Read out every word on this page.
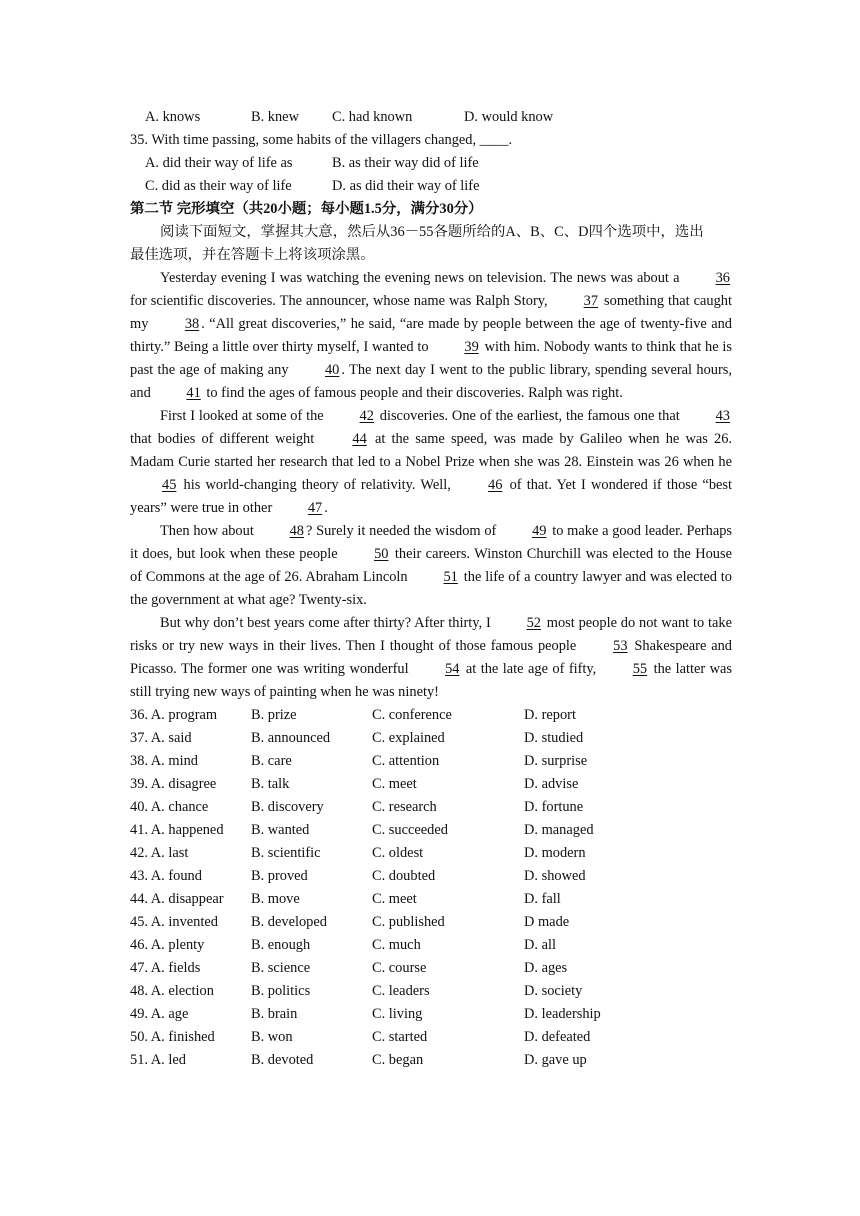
A. knows	B. knew C. had known	D. would know
35. With time passing, some habits of the villagers changed, ____.
A. did their way of life as	B. as their way did of life
C. did as their way of life	D. as did their way of life
第二节 完形填空（共20小题；每小题1.5分，满分30分）
阅读下面短文，掌握其大意，然后从36－55各题所给的A、B、C、D四个选项中，选出
最佳选项，并在答题卡上将该项涂黑。
Yesterday evening I was watching the evening news on television. The news was about a 36 for scientific discoveries. The announcer, whose name was Ralph Story, 37 something that caught my 38 . “All great discoveries,” he said, “are made by people between the age of twenty-five and thirty.” Being a little over thirty myself, I wanted to 39 with him. Nobody wants to think that he is past the age of making any 40 . The next day I went to the public library, spending several hours, and 41 to find the ages of famous people and their discoveries. Ralph was right.
First I looked at some of the 42 discoveries. One of the earliest, the famous one that 43 that bodies of different weight 44 at the same speed, was made by Galileo when he was 26. Madam Curie started her research that led to a Nobel Prize when she was 28. Einstein was 26 when he 45 his world-changing theory of relativity. Well, 46 of that. Yet I wondered if those “best years” were true in other 47 .
Then how about 48 ? Surely it needed the wisdom of 49 to make a good leader. Perhaps it does, but look when these people 50 their careers. Winston Churchill was elected to the House of Commons at the age of 26. Abraham Lincoln 51 the life of a country lawyer and was elected to the government at what age? Twenty-six.
But why don’t best years come after thirty? After thirty, I 52 most people do not want to take risks or try new ways in their lives. Then I thought of those famous people 53 Shakespeare and Picasso. The former one was writing wonderful 54 at the late age of fifty, 55 the latter was still trying new ways of painting when he was ninety!
36. A. program	B. prize	C. conference	D. report
37. A. said	B. announced	C. explained	D. studied
38. A. mind	B. care	C. attention	D. surprise
39. A. disagree	B. talk	C. meet	D. advise
40. A. chance	B. discovery	C. research	D. fortune
41. A. happened	B. wanted	C. succeeded	D. managed
42. A. last	B. scientific	C. oldest	D. modern
43. A. found	B. proved	C. doubted	D. showed
44. A. disappear	B. move	C. meet	D. fall
45. A. invented	B. developed	C. published	D made
46. A. plenty	B. enough	C. much	D. all
47. A. fields	B. science	C. course	D. ages
48. A. election	B. politics	C. leaders	D. society
49. A. age	B. brain	C. living	D. leadership
50. A. finished	B. won	C. started	D. defeated
51. A. led	B. devoted	C. began	D. gave up
